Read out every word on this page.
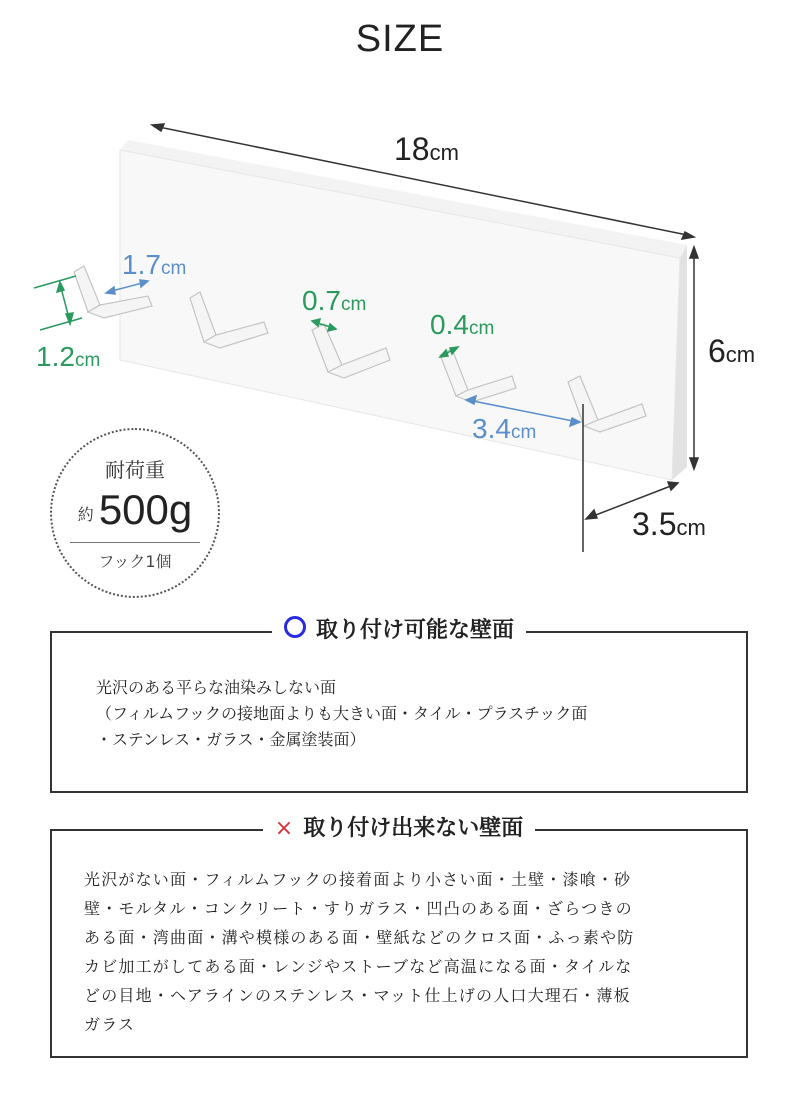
SIZE
18cm
6cm
3.5cm
1.7cm
1.2cm
0.7cm
0.4cm
3.4cm
耐荷重
約 500g
フック1個
取り付け可能な壁面
光沢のある平らな油染みしない面
（フィルムフックの接地面よりも大きい面・タイル・プラスチック面
・ステンレス・ガラス・金属塗装面）
× 取り付け出来ない壁面
光沢がない面・フィルムフックの接着面より小さい面・土壁・漆喰・砂
壁・モルタル・コンクリート・すりガラス・凹凸のある面・ざらつきの
ある面・湾曲面・溝や模様のある面・壁紙などのクロス面・ふっ素や防
カビ加工がしてある面・レンジやストーブなど高温になる面・タイルな
どの目地・ヘアラインのステンレス・マット仕上げの人口大理石・薄板
ガラス
